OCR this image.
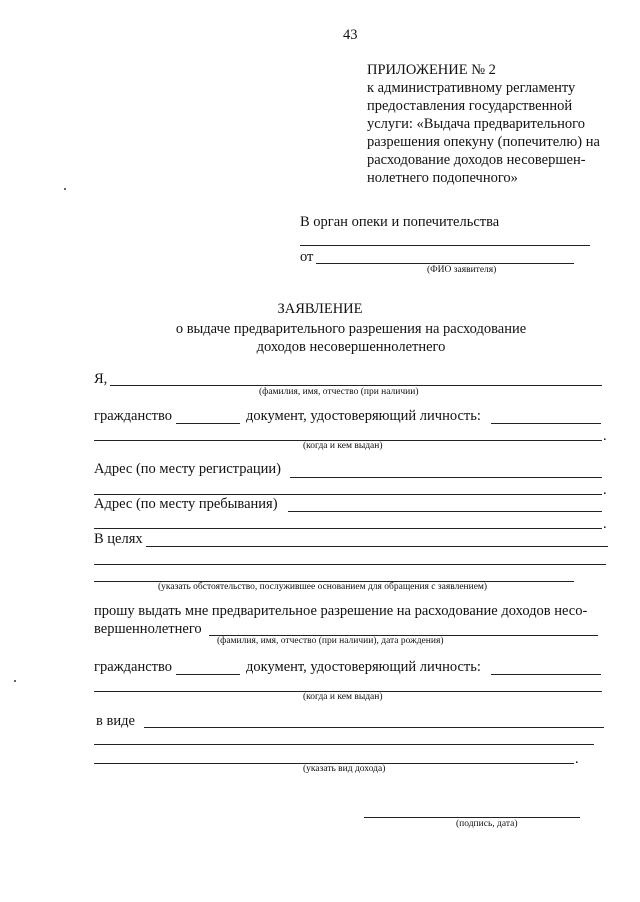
43
ПРИЛОЖЕНИЕ № 2
к административному регламенту
предоставления государственной
услуги: «Выдача предварительного
разрешения опекуну (попечителю) на
расходование доходов несовершен-
нолетнего подопечного»
В орган опеки и попечительства
от
(ФИО заявителя)
ЗАЯВЛЕНИЕ
о выдаче предварительного разрешения на расходование
доходов несовершеннолетнего
Я,
(фамилия, имя, отчество (при наличии)
гражданство	документ, удостоверяющий личность:
.
(когда и кем выдан)
Адрес (по месту регистрации)
.
Адрес (по месту пребывания)
.
В целях
(указать обстоятельство, послужившее основанием для обращения с заявлением)
прошу выдать мне предварительное разрешение на расходование доходов несо-
вершеннолетнего
(фамилия, имя, отчество (при наличии), дата рождения)
гражданство	документ, удостоверяющий личность:
(когда и кем выдан)
в виде
.
(указать вид дохода)
(подпись, дата)
